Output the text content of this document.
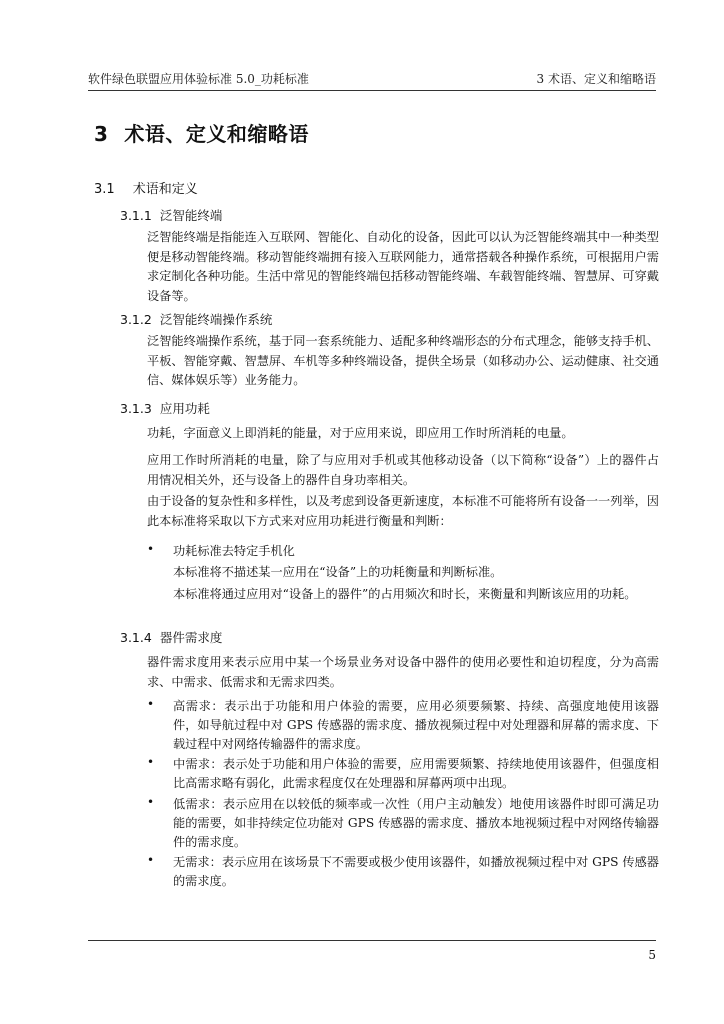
软件绿色联盟应用体验标准 5.0_功耗标准	3 术语、定义和缩略语
3 术语、定义和缩略语
3.1 术语和定义
3.1.1 泛智能终端
泛智能终端是指能连入互联网、智能化、自动化的设备，因此可以认为泛智能终端其中一种类型便是移动智能终端。移动智能终端拥有接入互联网能力，通常搭载各种操作系统，可根据用户需求定制化各种功能。生活中常见的智能终端包括移动智能终端、车载智能终端、智慧屏、可穿戴设备等。
3.1.2 泛智能终端操作系统
泛智能终端操作系统，基于同一套系统能力、适配多种终端形态的分布式理念，能够支持手机、平板、智能穿戴、智慧屏、车机等多种终端设备，提供全场景（如移动办公、运动健康、社交通信、媒体娱乐等）业务能力。
3.1.3 应用功耗
功耗，字面意义上即消耗的能量，对于应用来说，即应用工作时所消耗的电量。
应用工作时所消耗的电量，除了与应用对手机或其他移动设备（以下简称“设备”）上的器件占用情况相关外，还与设备上的器件自身功率相关。
由于设备的复杂性和多样性，以及考虑到设备更新速度，本标准不可能将所有设备一一列举，因此本标准将采取以下方式来对应用功耗进行衡量和判断：
• 功耗标准去特定手机化
本标准将不描述某一应用在“设备”上的功耗衡量和判断标准。
本标准将通过应用对“设备上的器件”的占用频次和时长，来衡量和判断该应用的功耗。
3.1.4 器件需求度
器件需求度用来表示应用中某一个场景业务对设备中器件的使用必要性和迫切程度，分为高需求、中需求、低需求和无需求四类。
• 高需求：表示出于功能和用户体验的需要，应用必须要频繁、持续、高强度地使用该器件，如导航过程中对 GPS 传感器的需求度、播放视频过程中对处理器和屏幕的需求度、下载过程中对网络传输器件的需求度。
• 中需求：表示处于功能和用户体验的需要，应用需要频繁、持续地使用该器件，但强度相比高需求略有弱化，此需求程度仅在处理器和屏幕两项中出现。
• 低需求：表示应用在以较低的频率或一次性（用户主动触发）地使用该器件时即可满足功能的需要，如非持续定位功能对 GPS 传感器的需求度、播放本地视频过程中对网络传输器件的需求度。
• 无需求：表示应用在该场景下不需要或极少使用该器件，如播放视频过程中对 GPS 传感器的需求度。
5
